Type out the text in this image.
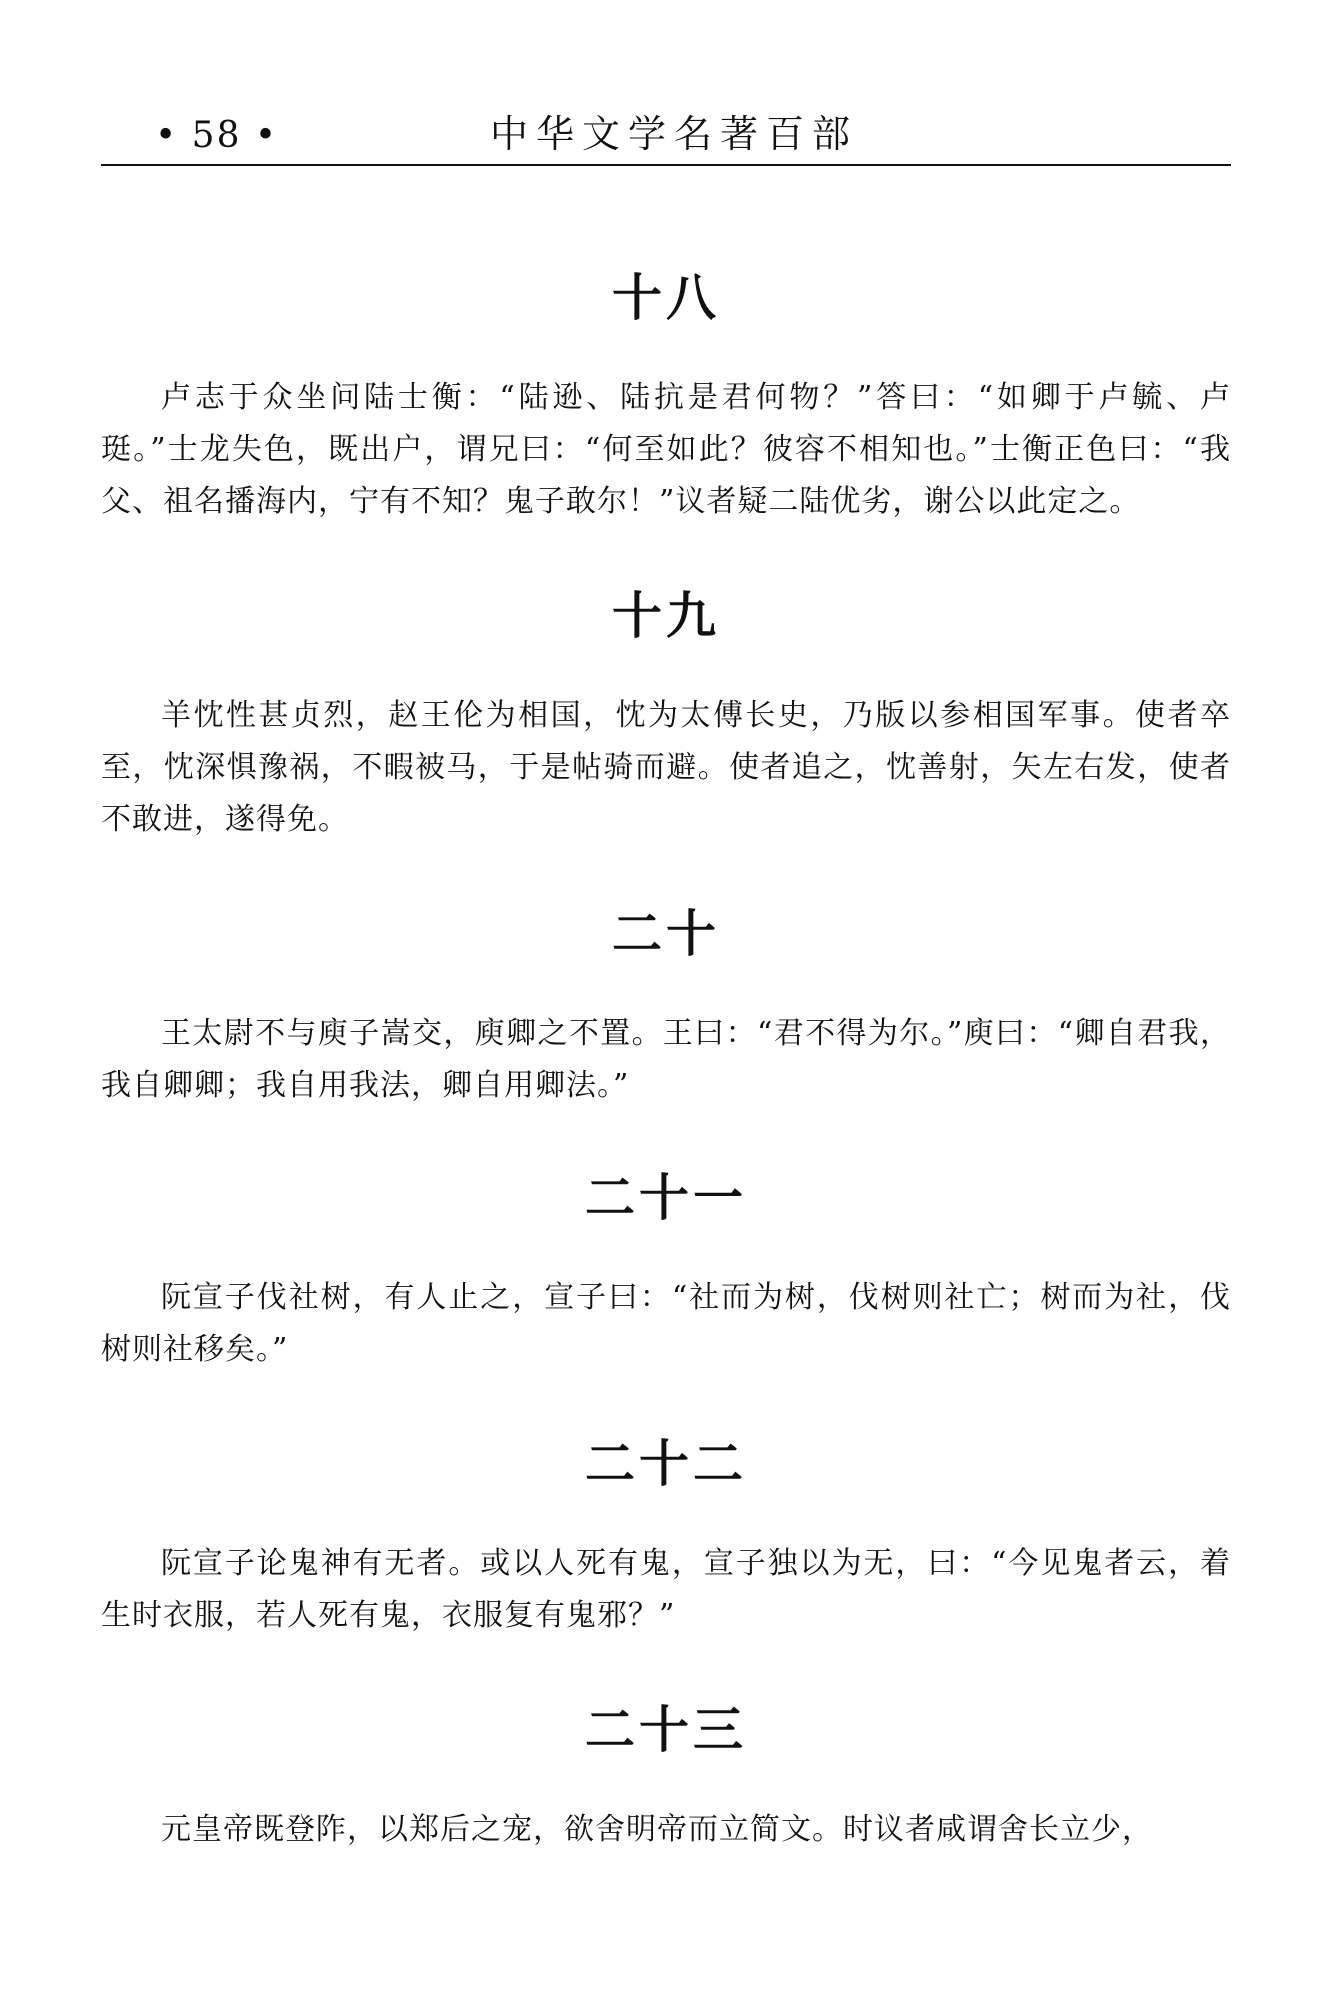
• 58 •	中华文学名著百部
十八

卢志于众坐问陆士衡：“陆逊、陆抗是君何物？”答曰：“如卿于卢毓、卢珽。”士龙失色，既出户，谓兄曰：“何至如此？彼容不相知也。”士衡正色曰：“我父、祖名播海内，宁有不知？鬼子敢尔！”议者疑二陆优劣，谢公以此定之。

十九

羊忱性甚贞烈，赵王伦为相国，忱为太傅长史，乃版以参相国军事。使者卒至，忱深惧豫祸，不暇被马，于是帖骑而避。使者追之，忱善射，矢左右发，使者不敢进，遂得免。

二十

王太尉不与庾子嵩交，庾卿之不置。王曰：“君不得为尔。”庾曰：“卿自君我，我自卿卿；我自用我法，卿自用卿法。”

二十一

阮宣子伐社树，有人止之，宣子曰：“社而为树，伐树则社亡；树而为社，伐树则社移矣。”

二十二

阮宣子论鬼神有无者。或以人死有鬼，宣子独以为无，曰：“今见鬼者云，着生时衣服，若人死有鬼，衣服复有鬼邪？”

二十三

元皇帝既登阼，以郑后之宠，欲舍明帝而立简文。时议者咸谓舍长立少，
